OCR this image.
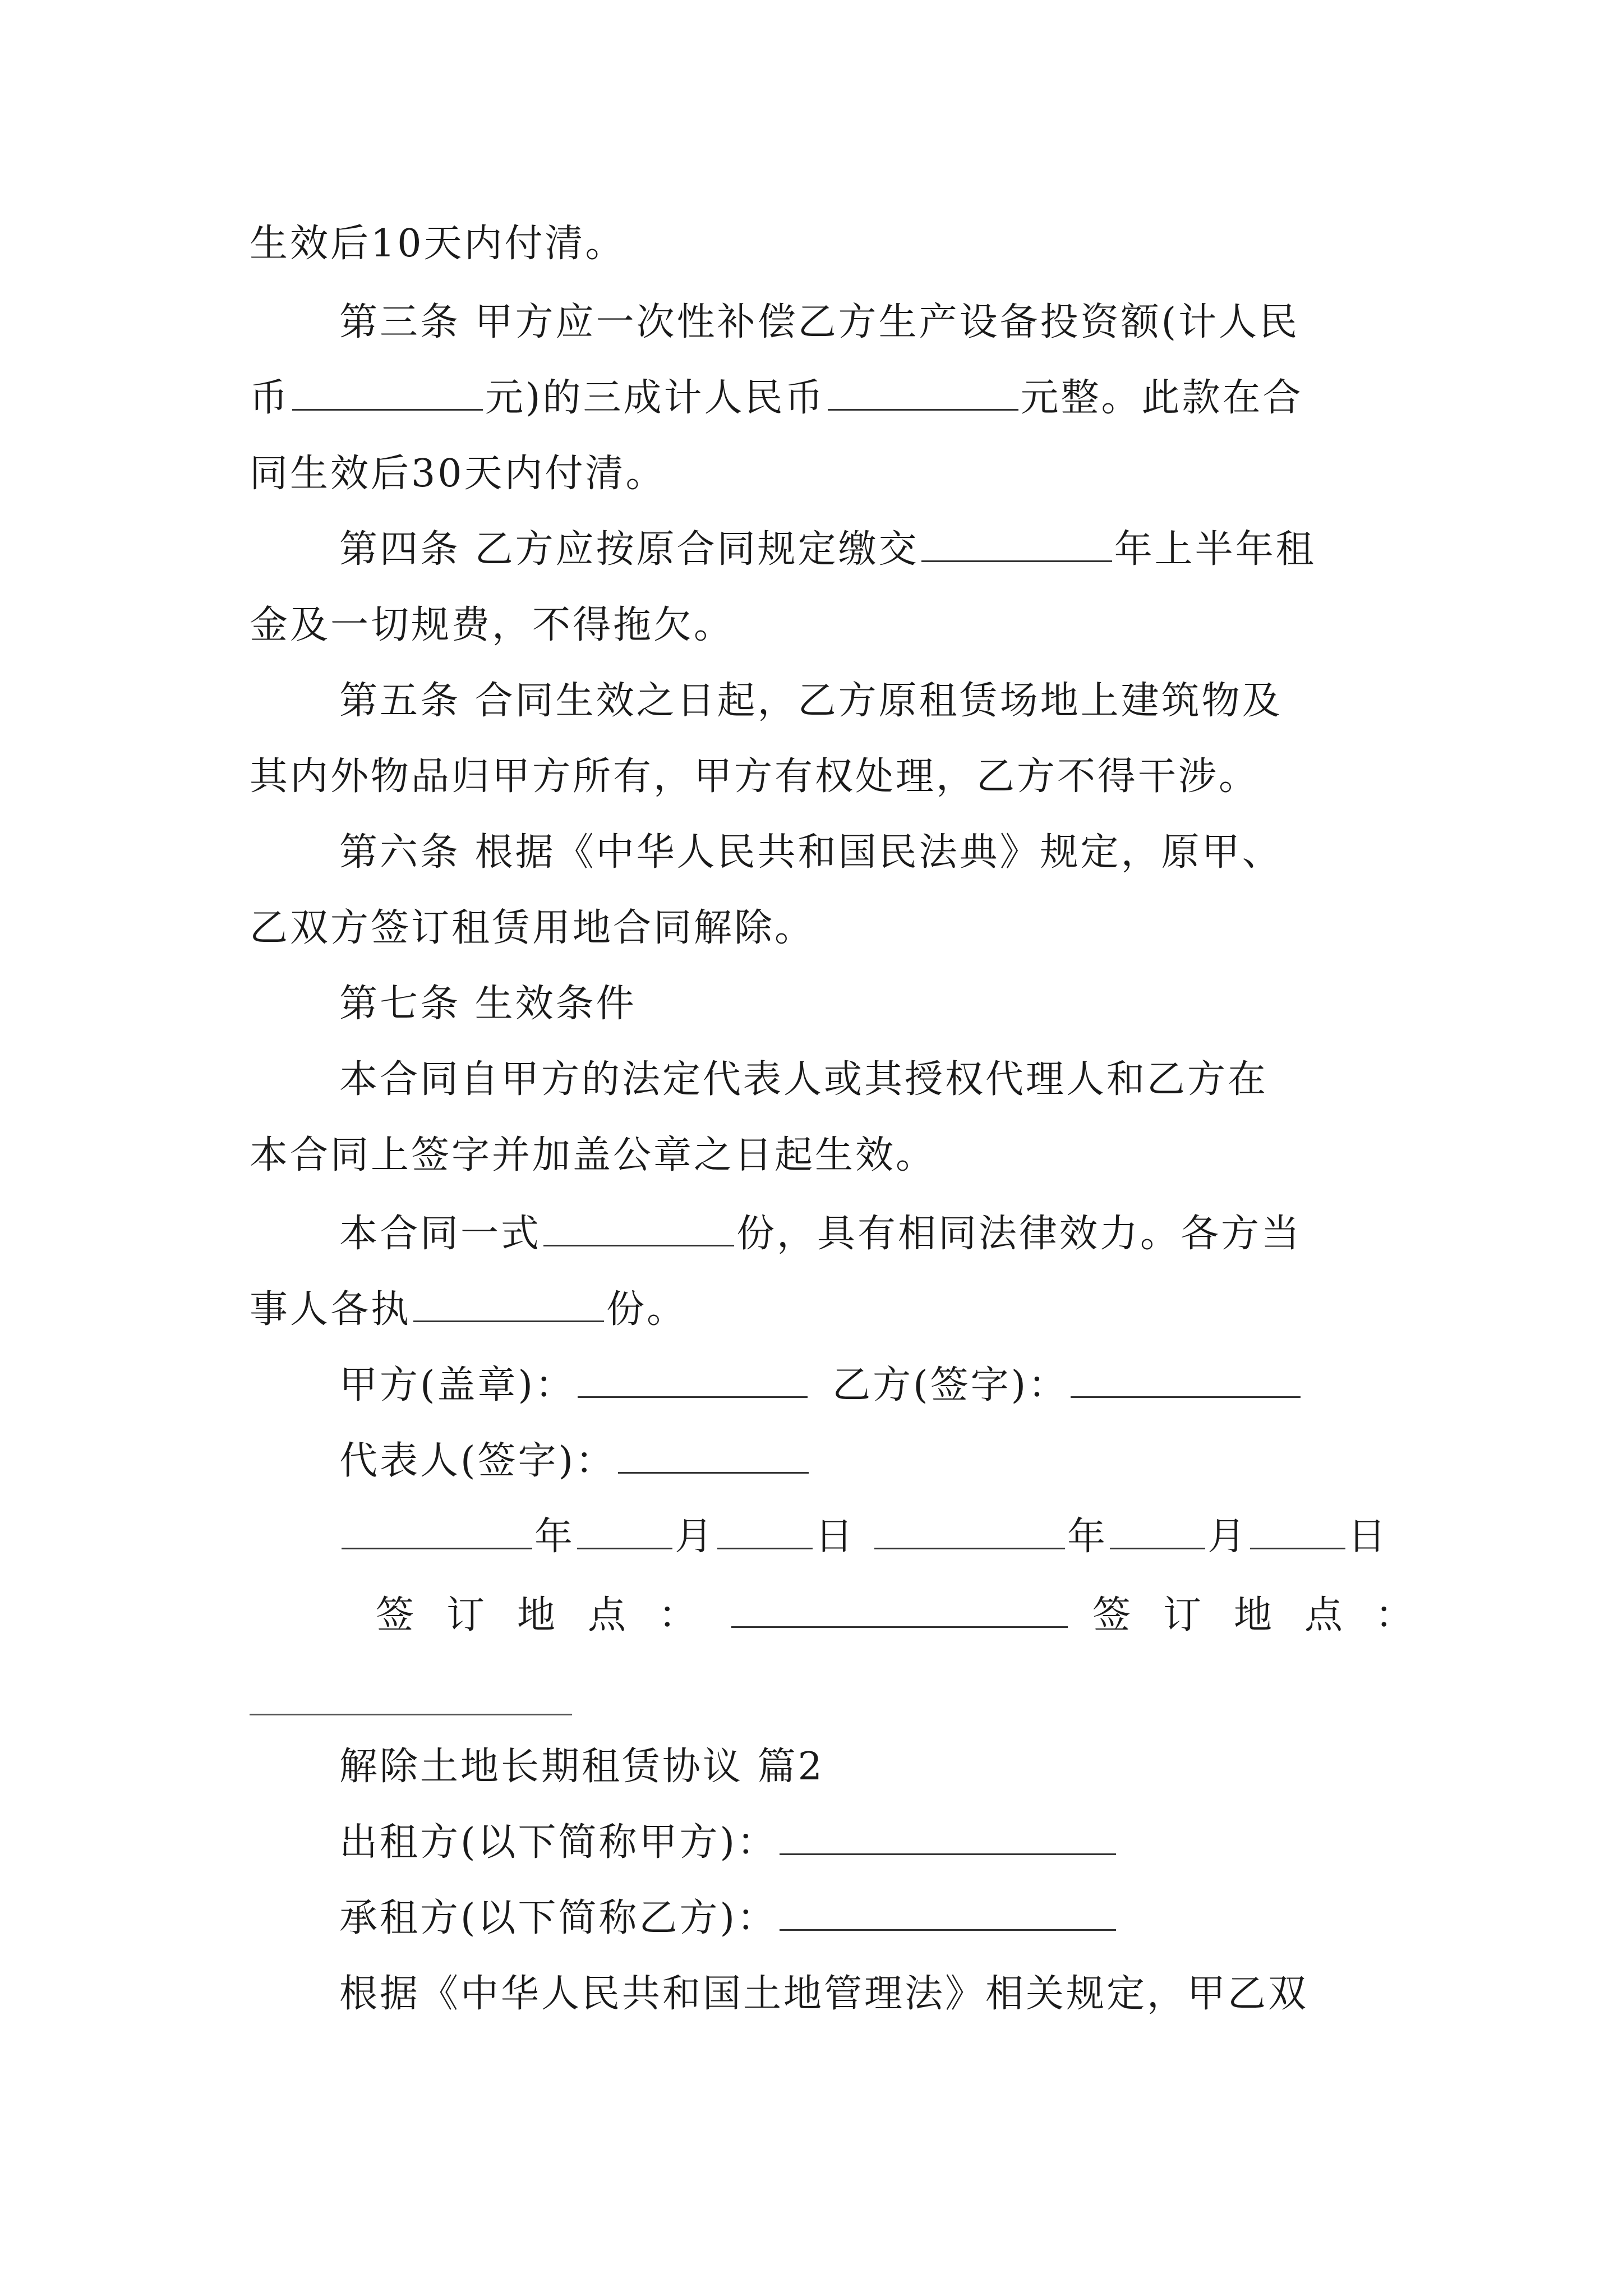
生效后10天内付清。
第三条 甲方应一次性补偿乙方生产设备投资额(计人民
币	元)的三成计人民币	元整。此款在合
同生效后30天内付清。
第四条 乙方应按原合同规定缴交	年上半年租
金及一切规费，不得拖欠。
第五条 合同生效之日起，乙方原租赁场地上建筑物及
其内外物品归甲方所有，甲方有权处理，乙方不得干涉。
第六条 根据《中华人民共和国民法典》规定，原甲、
乙双方签订租赁用地合同解除。
第七条 生效条件
本合同自甲方的法定代表人或其授权代理人和乙方在
本合同上签字并加盖公章之日起生效。
本合同一式	份，具有相同法律效力。各方当
事人各执	份。
甲方(盖章)：	乙方(签字)：
代表人(签字)：
年	月	日	年	月	日
签订地点：	签订地点：
解除土地长期租赁协议 篇2
出租方(以下简称甲方)：
承租方(以下简称乙方)：
根据《中华人民共和国土地管理法》相关规定，甲乙双
